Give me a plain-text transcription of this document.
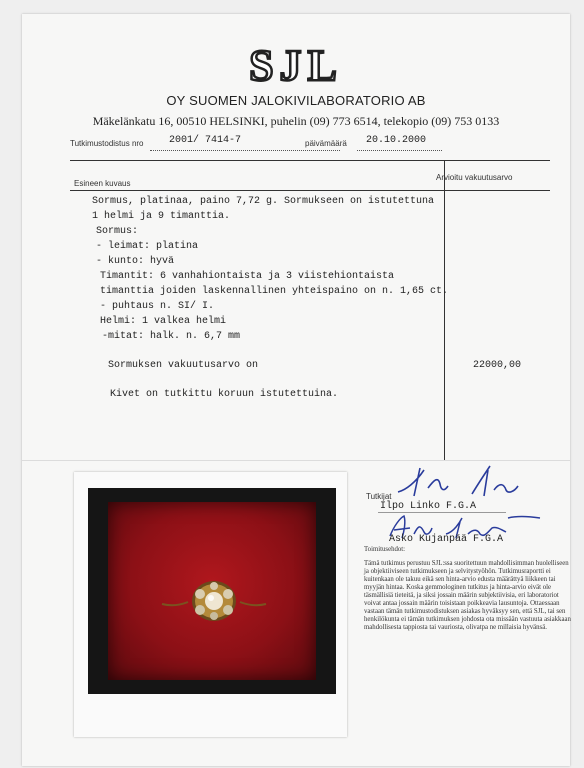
SJL
OY SUOMEN JALOKIVILABORATORIO AB
Mäkelänkatu 16, 00510 HELSINKI, puhelin (09) 773 6514, telekopio (09) 753 0133
Tutkimustodistus nro	2001/ 7414-7	päivämäärä 20.10.2000
Esineen kuvaus
Arvioitu vakuutusarvo
Sormus, platinaa, paino 7,72 g. Sormukseen on istutettuna
1 helmi ja 9 timanttia.
Sormus:
- leimat: platina
- kunto: hyvä
Timantit: 6 vanhahiontaista ja 3 viistehiontaista
timanttia joiden laskennallinen yhteispaino on n. 1,65 ct.
- puhtaus n. SI/ I.
Helmi: 1 valkea helmi
-mitat: halk. n. 6,7 mm
Sormuksen vakuutusarvo on	22000,00
Kivet on tutkittu koruun istutettuina.
Tutkijat
Ilpo Linko F.G.A
Asko Kujanpää F.G.A
Toimitusehdot:
Tämä tutkimus perustuu SJL:ssa suoritettuun mahdollisimman huolelliseen ja objektiiviseen tutkimukseen ja selvitystyöhön. Tutkimusraportti ei kuitenkaan ole takuu eikä sen hinta-arvio edusta määrättyä liikkeen tai myyjän hintaa. Koska gemmologinen tutkitus ja hinta-arvio eivät ole täsmällisiä tieteitä, ja siksi jossain määrin subjektiivisia, eri laboratoriot voivat antaa jossain määrin toisistaan poikkeavia lausuntoja. Ottaessaan vastaan tämän tutkimustodistuksen asiakas hyväksyy sen, että SJL, tai sen henkilökunta ei tämän tutkimuksen johdosta ota missään vastuuta asiakkaan mahdollisesta tappiosta tai vauriosta, olivatpa ne millaisia hyvänsä.
